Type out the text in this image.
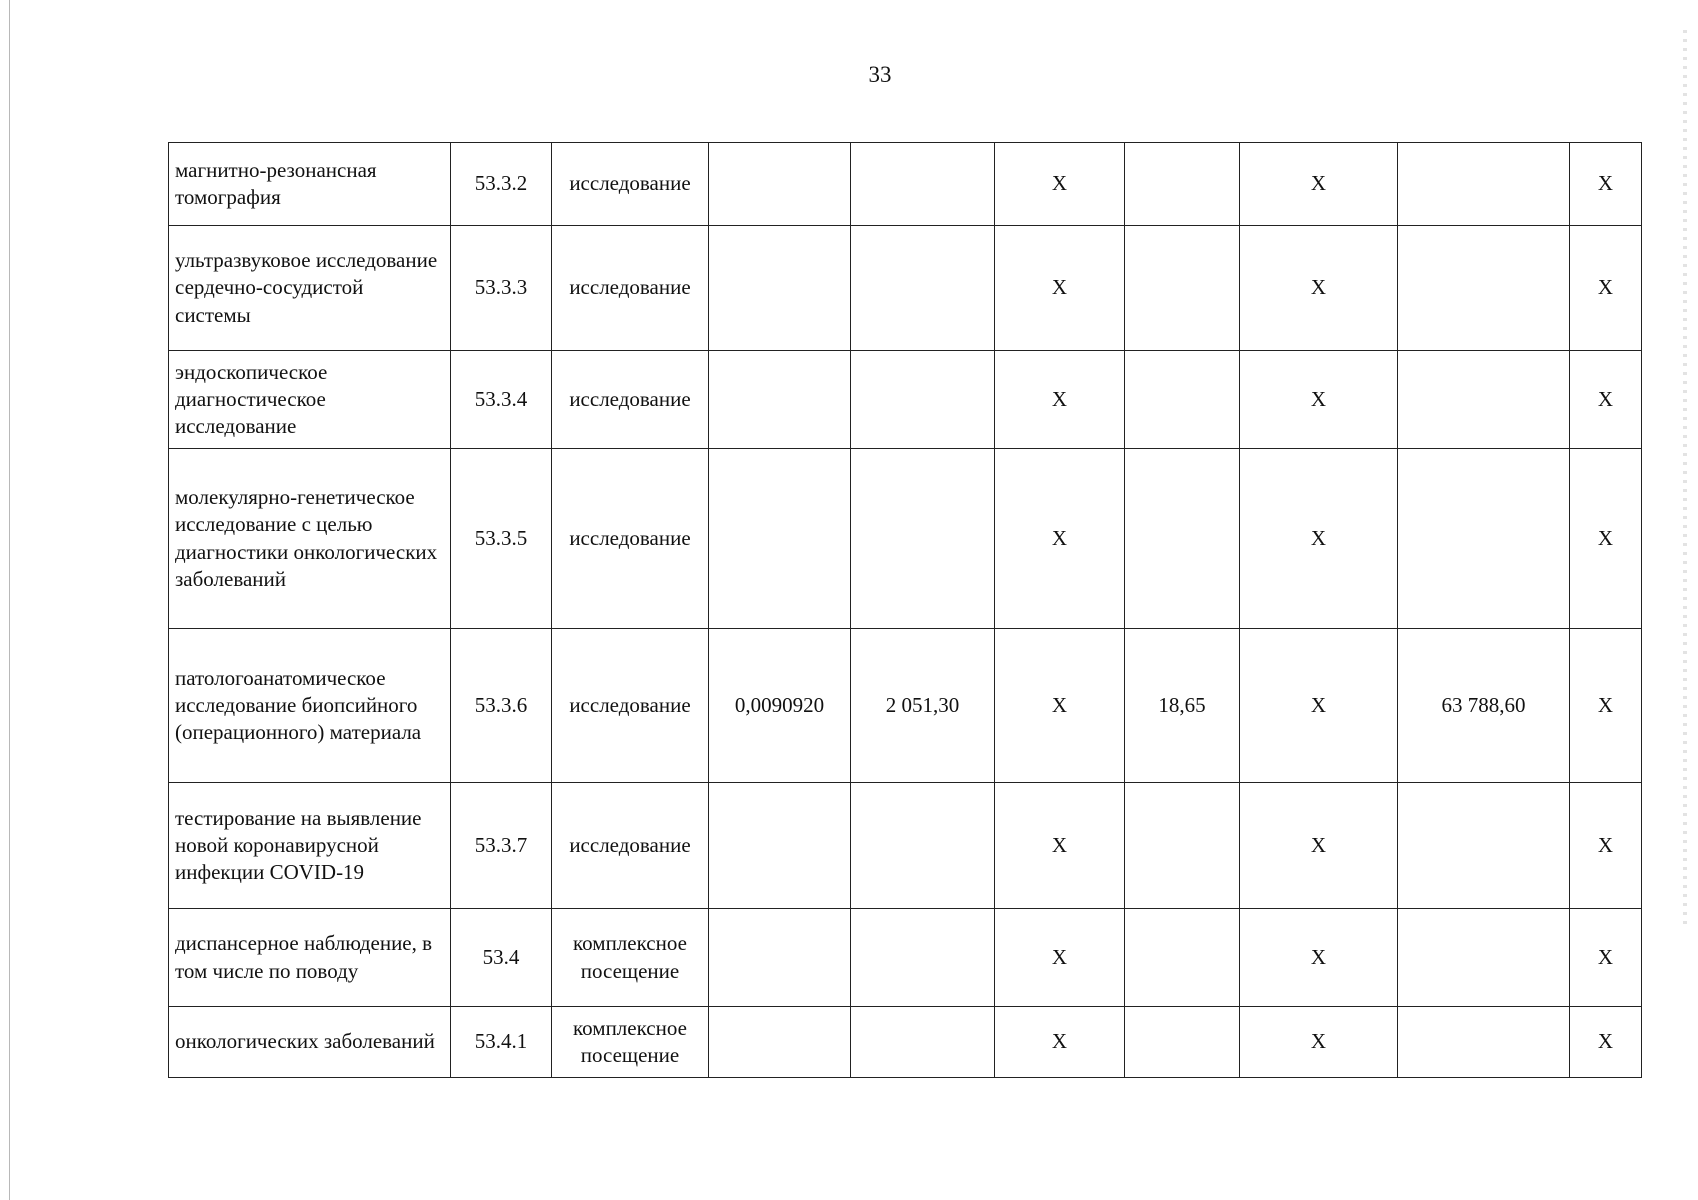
33
магнитно-резонансная томография	53.3.2	исследование			X		X		X
ультразвуковое исследование сердечно-сосудистой системы	53.3.3	исследование			X		X		X
эндоскопическое диагностическое исследование	53.3.4	исследование			X		X		X
молекулярно-генетическое исследование с целью диагностики онкологических заболеваний	53.3.5	исследование			X		X		X
патологоанатомическое исследование биопсийного (операционного) материала	53.3.6	исследование	0,0090920	2 051,30	X	18,65	X	63 788,60	X
тестирование на выявление новой коронавирусной инфекции COVID-19	53.3.7	исследование			X		X		X
диспансерное наблюдение, в том числе по поводу	53.4	комплексное посещение			X		X		X
онкологических заболеваний	53.4.1	комплексное посещение			X		X		X
